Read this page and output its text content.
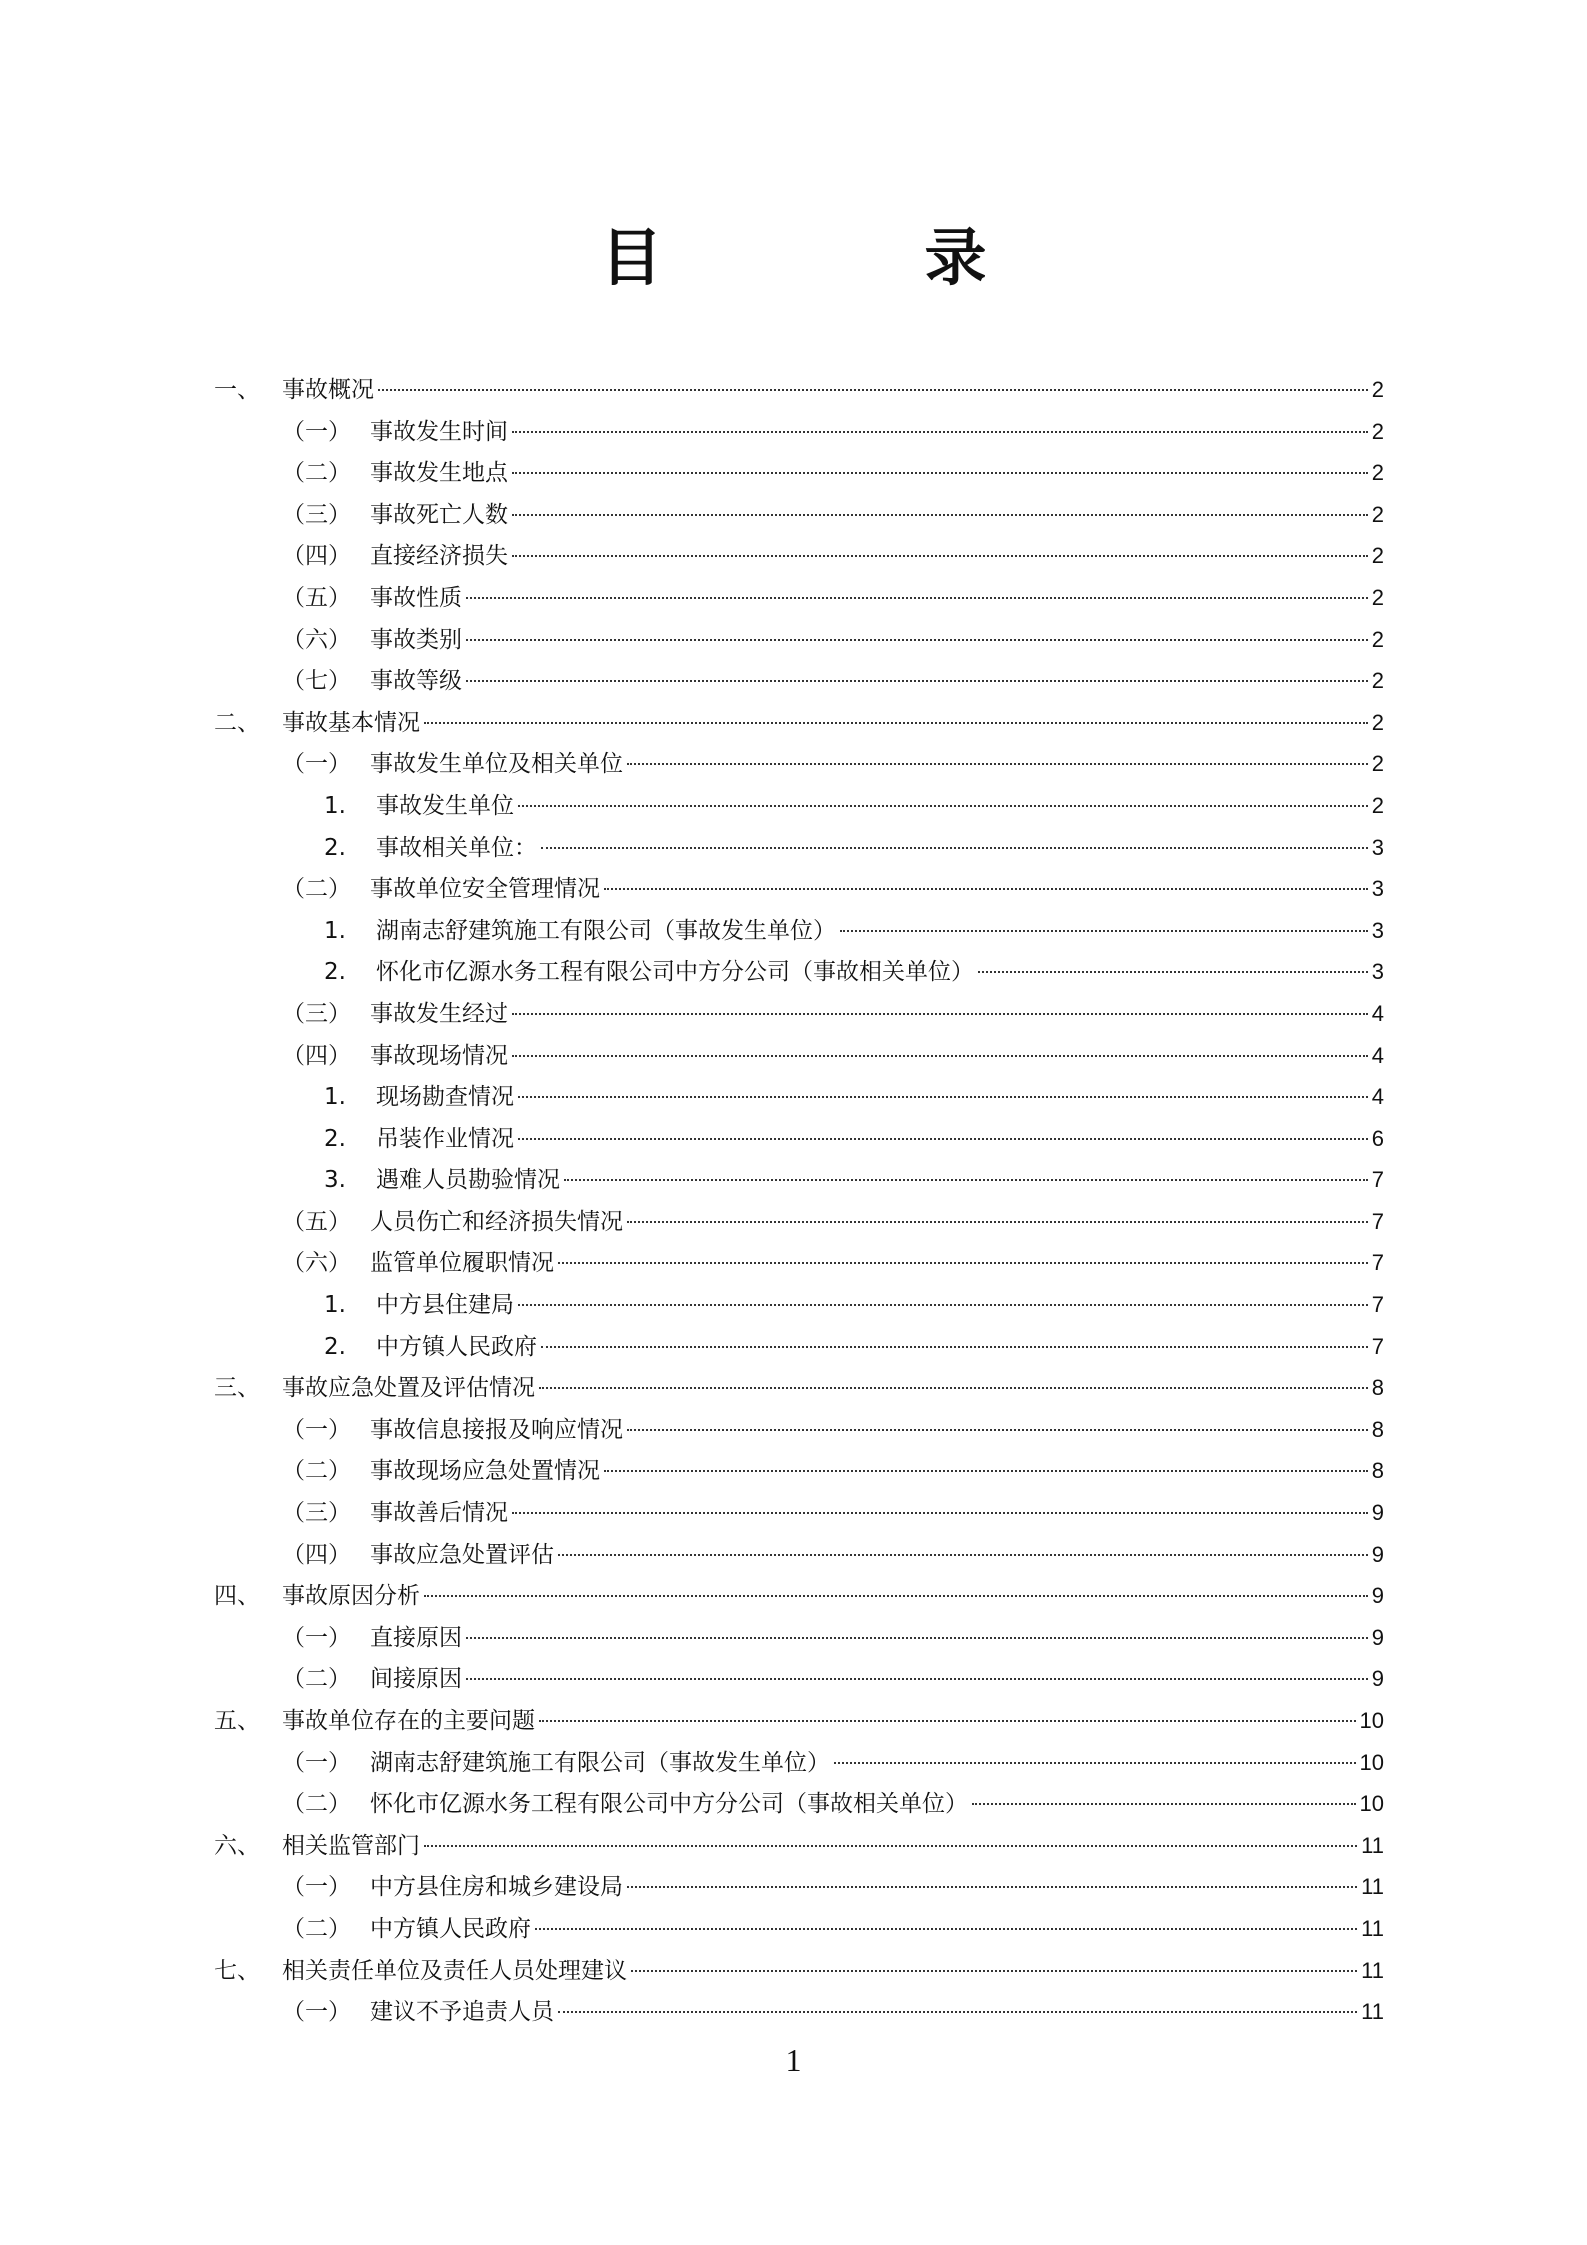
目　录
一、 事故概况	2
（一） 事故发生时间	2
（二） 事故发生地点	2
（三） 事故死亡人数	2
（四） 直接经济损失	2
（五） 事故性质	2
（六） 事故类别	2
（七） 事故等级	2
二、 事故基本情况	2
（一） 事故发生单位及相关单位	2
1.	事故发生单位	2
2.	事故相关单位：	3
（二） 事故单位安全管理情况	3
1.	湖南志舒建筑施工有限公司（事故发生单位）	3
2.	怀化市亿源水务工程有限公司中方分公司（事故相关单位）	3
（三） 事故发生经过	4
（四） 事故现场情况	4
1.	现场勘查情况	4
2.	吊装作业情况	6
3.	遇难人员勘验情况	7
（五） 人员伤亡和经济损失情况	7
（六） 监管单位履职情况	7
1.	中方县住建局	7
2.	中方镇人民政府	7
三、 事故应急处置及评估情况	8
（一） 事故信息接报及响应情况	8
（二） 事故现场应急处置情况	8
（三） 事故善后情况	9
（四） 事故应急处置评估	9
四、 事故原因分析	9
（一） 直接原因	9
（二） 间接原因	9
五、 事故单位存在的主要问题	10
（一） 湖南志舒建筑施工有限公司（事故发生单位）	10
（二） 怀化市亿源水务工程有限公司中方分公司（事故相关单位）	10
六、 相关监管部门	11
（一） 中方县住房和城乡建设局	11
（二） 中方镇人民政府	11
七、 相关责任单位及责任人员处理建议	11
（一） 建议不予追责人员	11
1
